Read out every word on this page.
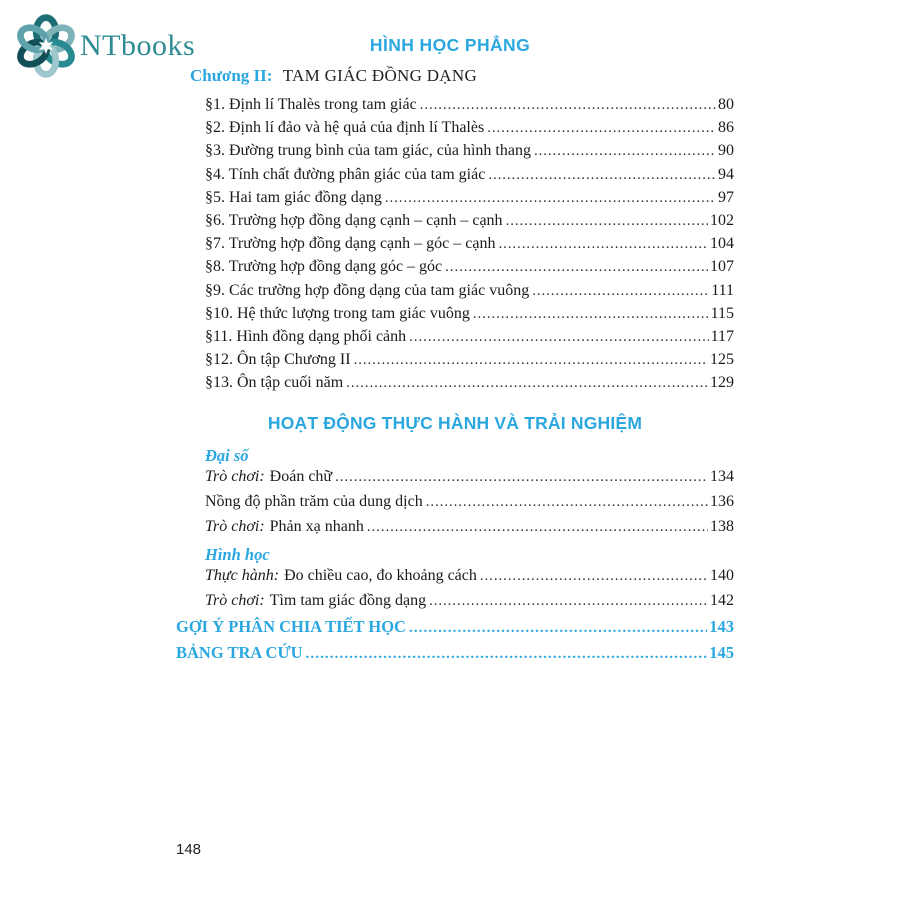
NTbooks	HÌNH HỌC PHẲNG
Chương II: TAM GIÁC ĐỒNG DẠNG
§1. Định lí Thalès trong tam giác .....	80
§2. Định lí đảo và hệ quả của định lí Thalès .....	86
§3. Đường trung bình của tam giác, của hình thang .....	90
§4. Tính chất đường phân giác của tam giác .....	94
§5. Hai tam giác đồng dạng .....	97
§6. Trường hợp đồng dạng cạnh – cạnh – cạnh .....	102
§7. Trường hợp đồng dạng cạnh – góc – cạnh .....	104
§8. Trường hợp đồng dạng góc – góc .....	107
§9. Các trường hợp đồng dạng của tam giác vuông .....	111
§10. Hệ thức lượng trong tam giác vuông .....	115
§11. Hình đồng dạng phối cảnh .....	117
§12. Ôn tập Chương II .....	125
§13. Ôn tập cuối năm .....	129
HOẠT ĐỘNG THỰC HÀNH VÀ TRẢI NGHIỆM
Đại số
Trò chơi: Đoán chữ .....	134
Nồng độ phần trăm của dung dịch .....	136
Trò chơi: Phản xạ nhanh .....	138
Hình học
Thực hành: Đo chiều cao, đo khoảng cách .....	140
Trò chơi: Tìm tam giác đồng dạng .....	142
GỢI Ý PHÂN CHIA TIẾT HỌC .....	143
BẢNG TRA CỨU .....	145
148
